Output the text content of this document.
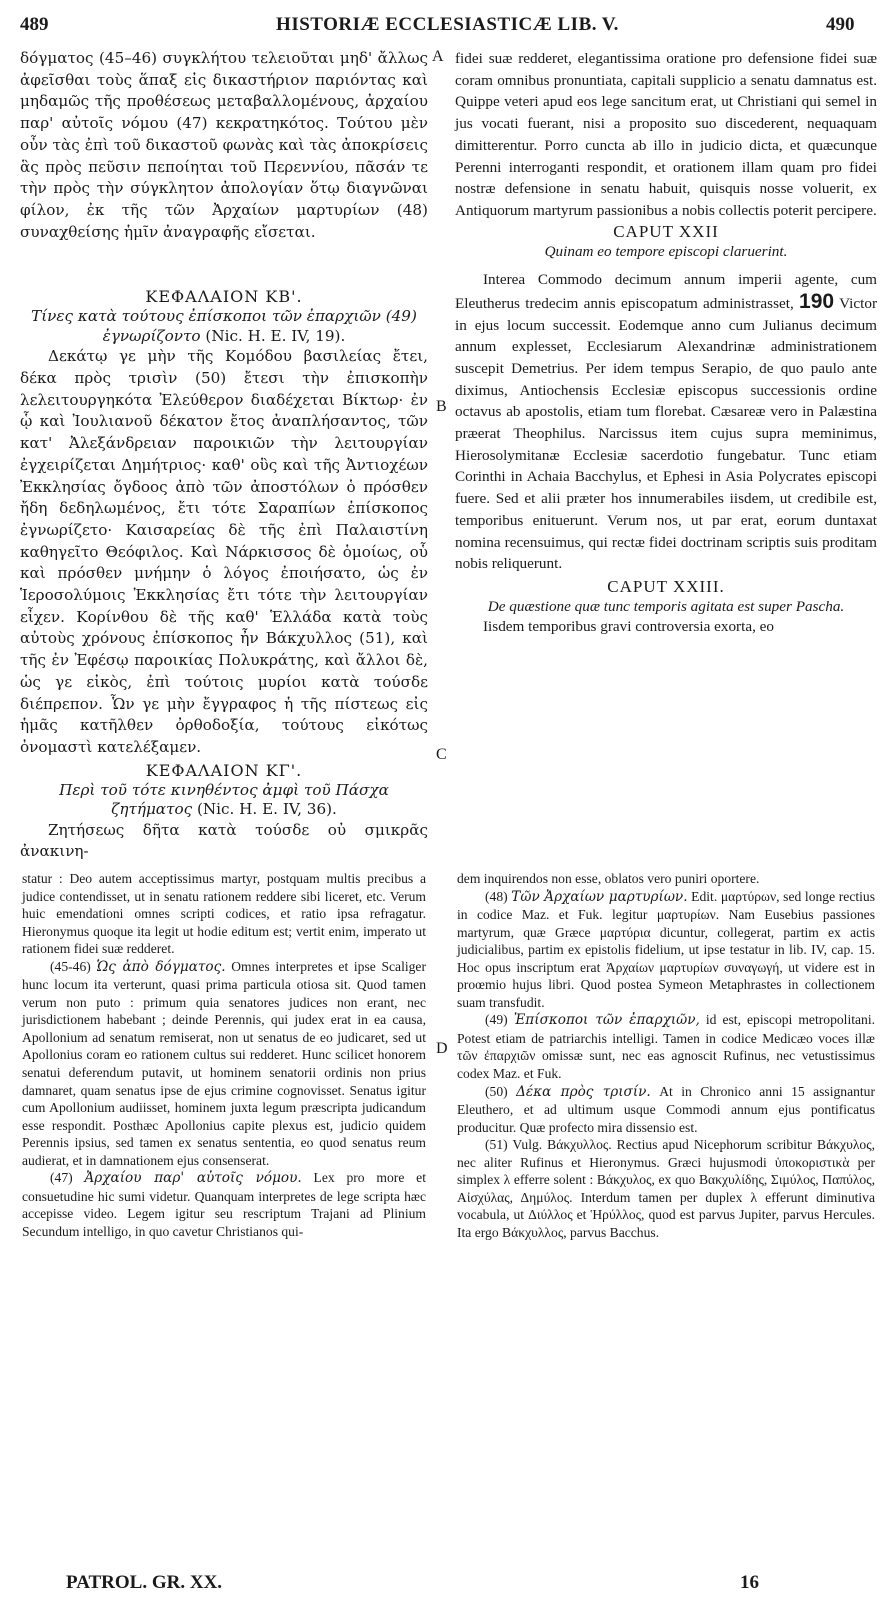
489	HISTORIÆ ECCLESIASTICÆ LIB. V.	490

δόγματος (45–46) συγκλήτου τελειοῦται μηδ' ἄλλως ἀφεῖσθαι τοὺς ἅπαξ εἰς δικαστήριον παριόντας καὶ μηδαμῶς τῆς προθέσεως μεταβαλλομένους, ἀρχαίου παρ' αὐτοῖς νόμου (47) κεκρατηκότος. Τούτου μὲν οὖν τὰς ἐπὶ τοῦ δικαστοῦ φωνὰς καὶ τὰς ἀποκρίσεις ἃς πρὸς πεῦσιν πεποίηται τοῦ Περεννίου, πᾶσάν τε τὴν πρὸς τὴν σύγκλητον ἀπολογίαν ὅτῳ διαγνῶναι φίλον, ἐκ τῆς τῶν Ἀρχαίων μαρτυρίων (48) συναχθείσης ἡμῖν ἀναγραφῆς εἴσεται.

ΚΕΦΑΛΑΙΟΝ ΚΒ'.

Τίνες κατὰ τούτους ἐπίσκοποι τῶν ἐπαρχιῶν (49) ἐγνωρίζοντο (Nic. H. E. IV, 19).

Δεκάτῳ γε μὴν τῆς Κομόδου βασιλείας ἔτει, δέκα πρὸς τρισὶν (50) ἔτεσι τὴν ἐπισκοπὴν λελειτουργηκότα Ἐλεύθερον διαδέχεται Βίκτωρ· ἐν ᾧ καὶ Ἰουλιανοῦ δέκατον ἔτος ἀναπλήσαντος, τῶν κατ' Ἀλεξάνδρειαν παροικιῶν τὴν λειτουργίαν ἐγχειρίζεται Δημήτριος· καθ' οὓς καὶ τῆς Ἀντιοχέων Ἐκκλησίας ὄγδοος ἀπὸ τῶν ἀποστόλων ὁ πρόσθεν ἤδη δεδηλωμένος, ἔτι τότε Σαραπίων ἐπίσκοπος ἐγνωρίζετο· Καισαρείας δὲ τῆς ἐπὶ Παλαιστίνη καθηγεῖτο Θεόφιλος. Καὶ Νάρκισσος δὲ ὁμοίως, οὗ καὶ πρόσθεν μνήμην ὁ λόγος ἐποιήσατο, ὡς ἐν Ἱεροσολύμοις Ἐκκλησίας ἔτι τότε τὴν λειτουργίαν εἶχεν. Κορίνθου δὲ τῆς καθ' Ἑλλάδα κατὰ τοὺς αὐτοὺς χρόνους ἐπίσκοπος ἦν Βάκχυλλος (51), καὶ τῆς ἐν Ἐφέσῳ παροικίας Πολυκράτης, καὶ ἄλλοι δὲ, ὡς γε εἰκὸς, ἐπὶ τούτοις μυρίοι κατὰ τούσδε διέπρεπον. Ὧν γε μὴν ἔγγραφος ἡ τῆς πίστεως εἰς ἡμᾶς κατῆλθεν ὀρθοδοξία, τούτους εἰκότως ὀνομαστὶ κατελέξαμεν.

ΚΕΦΑΛΑΙΟΝ ΚΓ'.

Περὶ τοῦ τότε κινηθέντος ἀμφὶ τοῦ Πάσχα ζητήματος (Nic. H. E. IV, 36).

Ζητήσεως δῆτα κατὰ τούσδε οὐ σμικρᾶς ἀνακινη-

fidei suæ redderet, elegantissima oratione pro defensione fidei suæ coram omnibus pronuntiata, capitali supplicio a senatu damnatus est. Quippe veteri apud eos lege sancitum erat, ut Christiani qui semel in jus vocati fuerant, nisi a proposito suo discederent, nequaquam dimitterentur. Porro cuncta ab illo in judicio dicta, et quæcunque Perenni interroganti respondit, et orationem illam quam pro fidei nostræ defensione in senatu habuit, quisquis nosse voluerit, ex Antiquorum martyrum passionibus a nobis collectis poterit percipere.

CAPUT XXII

Quinam eo tempore episcopi claruerint.

Interea Commodo decimum annum imperii agente, cum Eleutherus tredecim annis episcopatum administrasset, 190 Victor in ejus locum successit. Eodemque anno cum Julianus decimum annum explesset, Ecclesiarum Alexandrinæ administrationem suscepit Demetrius. Per idem tempus Serapio, de quo paulo ante diximus, Antiochensis Ecclesiæ episcopus successionis ordine octavus ab apostolis, etiam tum florebat. Cæsareæ vero in Palæstina præerat Theophilus. Narcissus item cujus supra meminimus, Hierosolymitanæ Ecclesiæ sacerdotio fungebatur. Tunc etiam Corinthi in Achaia Bacchylus, et Ephesi in Asia Polycrates episcopi fuere. Sed et alii præter hos innumerabiles iisdem, ut credibile est, temporibus enituerunt. Verum nos, ut par erat, eorum duntaxat nomina recensuimus, qui rectæ fidei doctrinam scriptis suis proditam nobis reliquerunt.

CAPUT XXIII.

De quæstione quæ tunc temporis agitata est super Pascha.

Iisdem temporibus gravi controversia exorta, eo

A
B
C
D

statur : Deo autem acceptissimus martyr, postquam multis precibus a judice contendisset, ut in senatu rationem reddere sibi liceret, etc. Verum huic emendationi omnes scripti codices, et ratio ipsa refragatur. Hieronymus quoque ita legit ut hodie editum est; vertit enim, imperato ut rationem fidei suæ redderet.

(45-46) Ὡς ἀπὸ δόγματος. Omnes interpretes et ipse Scaliger hunc locum ita verterunt, quasi prima particula otiosa sit. Quod tamen verum non puto : primum quia senatores judices non erant, nec jurisdictionem habebant ; deinde Perennis, qui judex erat in ea causa, Apollonium ad senatum remiserat, non ut senatus de eo judicaret, sed ut Apollonius coram eo rationem cultus sui redderet. Hunc scilicet honorem senatui deferendum putavit, ut hominem senatorii ordinis non prius damnaret, quam senatus ipse de ejus crimine cognovisset. Senatus igitur cum Apollonium audiisset, hominem juxta legum præscripta judicandum esse respondit. Posthæc Apollonius capite plexus est, judicio quidem Perennis ipsius, sed tamen ex senatus sententia, eo quod senatus reum audierat, et in damnationem ejus consenserat.

(47) Ἀρχαίου παρ' αὐτοῖς νόμου. Lex pro more et consuetudine hic sumi videtur. Quanquam interpretes de lege scripta hæc accepisse video. Legem igitur seu rescriptum Trajani ad Plinium Secundum intelligo, in quo cavetur Christianos qui-

dem inquirendos non esse, oblatos vero puniri oportere.

(48) Τῶν Ἀρχαίων μαρτυρίων. Edit. μαρτύρων, sed longe rectius in codice Maz. et Fuk. legitur μαρτυρίων. Nam Eusebius passiones martyrum, quæ Græce μαρτύρια dicuntur, collegerat, partim ex actis judicialibus, partim ex epistolis fidelium, ut ipse testatur in lib. IV, cap. 15. Hoc opus inscriptum erat Ἀρχαίων μαρτυρίων συναγωγή, ut videre est in proœmio hujus libri. Quod postea Symeon Metaphrastes in collectionem suam transfudit.

(49) Ἐπίσκοποι τῶν ἐπαρχιῶν, id est, episcopi metropolitani. Potest etiam de patriarchis intelligi. Tamen in codice Medicæo voces illæ τῶν ἐπαρχιῶν omissæ sunt, nec eas agnoscit Rufinus, nec vetustissimus codex Maz. et Fuk.

(50) Δέκα πρὸς τρισίν. At in Chronico anni 15 assignantur Eleuthero, et ad ultimum usque Commodi annum ejus pontificatus producitur. Quæ profecto mira dissensio est.

(51) Vulg. Βάκχυλλος. Rectius apud Nicephorum scribitur Βάκχυλος, nec aliter Rufinus et Hieronymus. Græci hujusmodi ὑποκοριστικὰ per simplex λ efferre solent : Βάκχυλος, ex quo Βακχυλίδης, Σιμύλος, Παπύλος, Αἰσχύλας, Δημύλος. Interdum tamen per duplex λ efferunt diminutiva vocabula, ut Διύλλος et Ἡρύλλος, quod est parvus Jupiter, parvus Hercules. Ita ergo Βάκχυλλος, parvus Bacchus.

PATROL. GR. XX.	16
